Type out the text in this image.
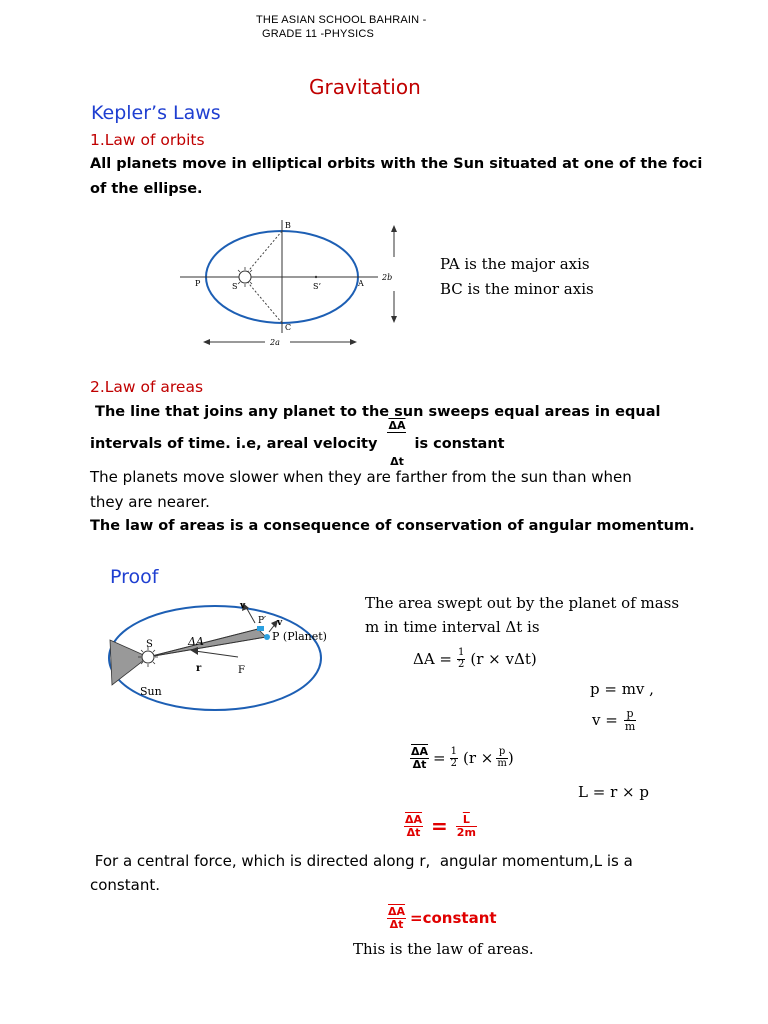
THE ASIAN SCHOOL BAHRAIN -
GRADE 11 -PHYSICS
Gravitation
Kepler’s Laws
1.Law of orbits
All planets move in elliptical orbits with the Sun situated at one of the foci
of the ellipse.
B
C
P	A
S	S’
2b
2a
PA is the major axis
BC is the minor axis
2.Law of areas
The line that joins any planet to the sun sweeps equal areas in equal
intervals of time. i.e, areal velocity

$\frac{\overline{\Delta A}}{\Delta t}$

is constant
The planets move slower when they are farther from the sun than when
they are nearer.
The law of areas is a consequence of conservation of angular momentum.
Proof
v
v
P′
P (Planet)
ΔA
S
r	F
Sun
The area swept out by the planet of mass
m in time interval Δt is
$\Delta A = \frac{1}{2} (r \times v\Delta t)$
p = mv ,
$v = \frac{p}{m}$
$\frac{\overline{\Delta A}}{\Delta t} = \frac{1}{2} (r \times \frac{p}{m}$ )
L = r × p
$\frac{\overline{\Delta A}}{\Delta t} = \frac{\overline{L}}{2m}$
For a central force, which is directed along r,  angular momentum,L is a
constant.
$\frac{\overline{\Delta A}}{\Delta t}$ =constant
This is the law of areas.
